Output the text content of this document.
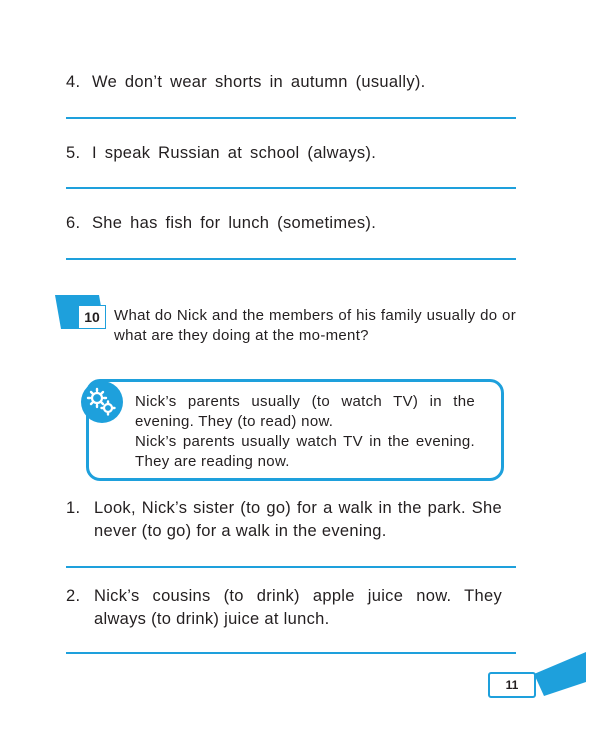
4. We don’t wear shorts in autumn (usually).
5. I speak Russian at school (always).
6. She has fish for lunch (sometimes).
10 What do Nick and the members of his family usually do or what are they doing at the mo-ment?
Nick’s parents usually (to watch TV) in the evening. They (to read) now.
Nick’s parents usually watch TV in the evening. They are reading now.
1. Look, Nick’s sister (to go) for a walk in the park. She never (to go) for a walk in the evening.
2. Nick’s cousins (to drink) apple juice now. They always (to drink) juice at lunch.
11
